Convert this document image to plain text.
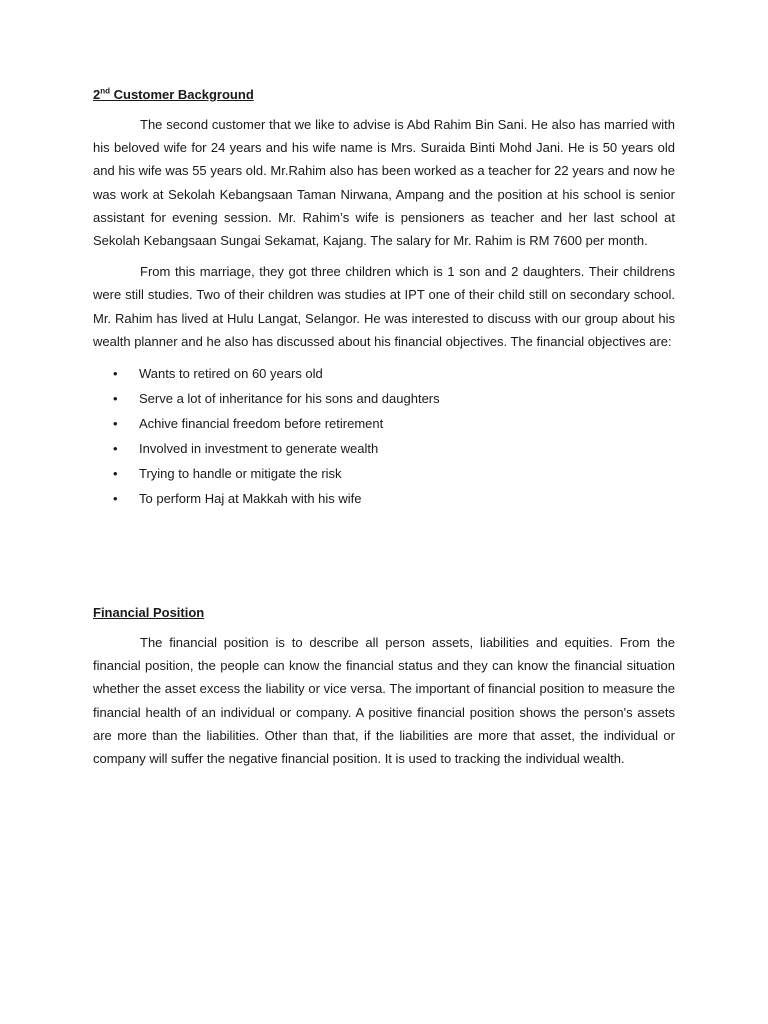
2nd Customer Background

The second customer that we like to advise is Abd Rahim Bin Sani. He also has married with his beloved wife for 24 years and his wife name is Mrs. Suraida Binti Mohd Jani. He is 50 years old and his wife was 55 years old. Mr.Rahim also has been worked as a teacher for 22 years and now he was work at Sekolah Kebangsaan Taman Nirwana, Ampang and the position at his school is senior assistant for evening session. Mr. Rahim’s wife is pensioners as teacher and her last school at Sekolah Kebangsaan Sungai Sekamat, Kajang. The salary for Mr. Rahim is RM 7600 per month.

From this marriage, they got three children which is 1 son and 2 daughters. Their childrens were still studies. Two of their children was studies at IPT one of their child still on secondary school. Mr. Rahim has lived at Hulu Langat, Selangor. He was interested to discuss with our group about his wealth planner and he also has discussed about his financial objectives. The financial objectives are:

• Wants to retired on 60 years old
• Serve a lot of inheritance for his sons and daughters
• Achive financial freedom before retirement
• Involved in investment to generate wealth
• Trying to handle or mitigate the risk
• To perform Haj at Makkah with his wife
Financial Position

The financial position is to describe all person assets, liabilities and equities. From the financial position, the people can know the financial status and they can know the financial situation whether the asset excess the liability or vice versa. The important of financial position to measure the financial health of an individual or company. A positive financial position shows the person's assets are more than the liabilities. Other than that, if the liabilities are more that asset, the individual or company will suffer the negative financial position. It is used to tracking the individual wealth.
